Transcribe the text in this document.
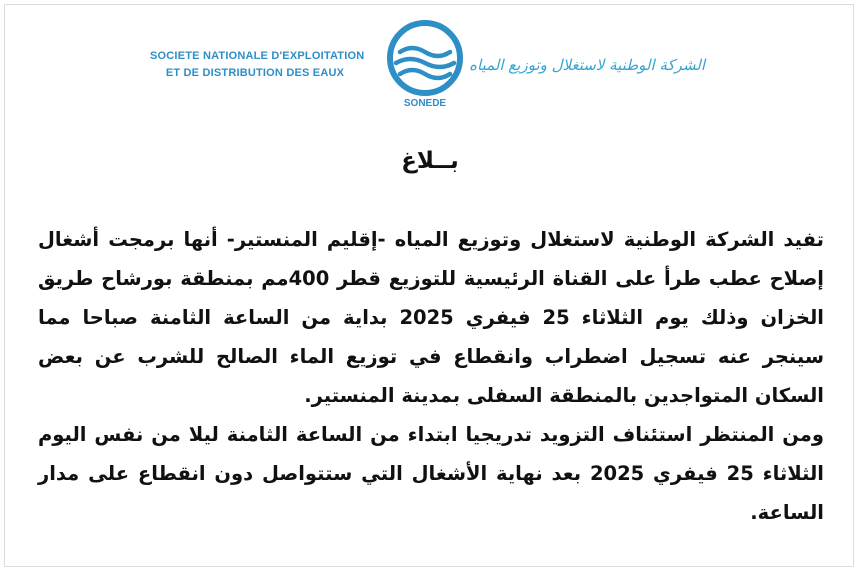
SOCIETE NATIONALE D'EXPLOITATION
ET DE DISTRIBUTION DES EAUX
SONEDE
الشركة الوطنية لاستغلال وتوزيع المياه
بــلاغ

تفيد الشركة الوطنية لاستغلال وتوزيع المياه -إقليم المنستير- أنها برمجت أشغال إصلاح عطب طرأ على القناة الرئيسية للتوزيع قطر 400مم بمنطقة بورشاح طريق الخزان وذلك يوم الثلاثاء 25 فيفري 2025 بداية من الساعة الثامنة صباحا مما سينجر عنه تسجيل اضطراب وانقطاع في توزيع الماء الصالح للشرب عن بعض السكان المتواجدين بالمنطقة السفلى بمدينة المنستير.

ومن المنتظر استئناف التزويد تدريجيا ابتداء من الساعة الثامنة ليلا من نفس اليوم الثلاثاء 25 فيفري 2025 بعد نهاية الأشغال التي ستتواصل دون انقطاع على مدار الساعة.
